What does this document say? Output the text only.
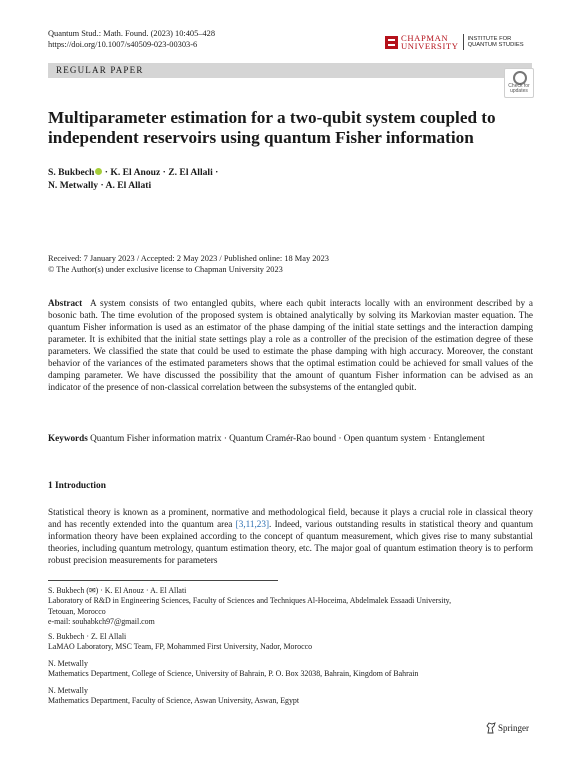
Quantum Stud.: Math. Found. (2023) 10:405–428
https://doi.org/10.1007/s40509-023-00303-6
CHAPMAN
UNIVERSITY
INSTITUTE FOR
QUANTUM STUDIES
REGULAR PAPER
Check for
updates
Multiparameter estimation for a two-qubit system coupled to independent reservoirs using quantum Fisher information
S. Bukbech · K. El Anouz · Z. El Allali ·
N. Metwally · A. El Allati
Received: 7 January 2023 / Accepted: 2 May 2023 / Published online: 18 May 2023
© The Author(s) under exclusive license to Chapman University 2023
Abstract A system consists of two entangled qubits, where each qubit interacts locally with an environment described by a bosonic bath. The time evolution of the proposed system is obtained analytically by solving its Markovian master equation. The quantum Fisher information is used as an estimator of the phase damping of the initial state settings and the interaction damping parameter. It is exhibited that the initial state settings play a role as a controller of the precision of the estimation degree of these parameters. We classified the state that could be used to estimate the phase damping with high accuracy. Moreover, the constant behavior of the variances of the estimated parameters shows that the optimal estimation could be achieved for small values of the damping parameter. We have discussed the possibility that the amount of quantum Fisher information can be advised as an indicator of the presence of non-classical correlation between the subsystems of the entangled qubit.
Keywords Quantum Fisher information matrix · Quantum Cramér-Rao bound · Open quantum system · Entanglement
1 Introduction
Statistical theory is known as a prominent, normative and methodological field, because it plays a crucial role in classical theory and has recently extended into the quantum area [3,11,23]. Indeed, various outstanding results in statistical theory and quantum information theory have been explained according to the concept of quantum measurement, which gives rise to many substantial theories, including quantum metrology, quantum estimation theory, etc. The major goal of quantum estimation theory is to perform robust precision measurements for parameters
S. Bukbech (✉) · K. El Anouz · A. El Allati
Laboratory of R&D in Engineering Sciences, Faculty of Sciences and Techniques Al-Hoceima, Abdelmalek Essaadi University,
Tetouan, Morocco
e-mail: souhabkch97@gmail.com
S. Bukbech · Z. El Allali
LaMAO Laboratory, MSC Team, FP, Mohammed First University, Nador, Morocco
N. Metwally
Mathematics Department, College of Science, University of Bahrain, P. O. Box 32038, Bahrain, Kingdom of Bahrain
N. Metwally
Mathematics Department, Faculty of Science, Aswan University, Aswan, Egypt
Springer
